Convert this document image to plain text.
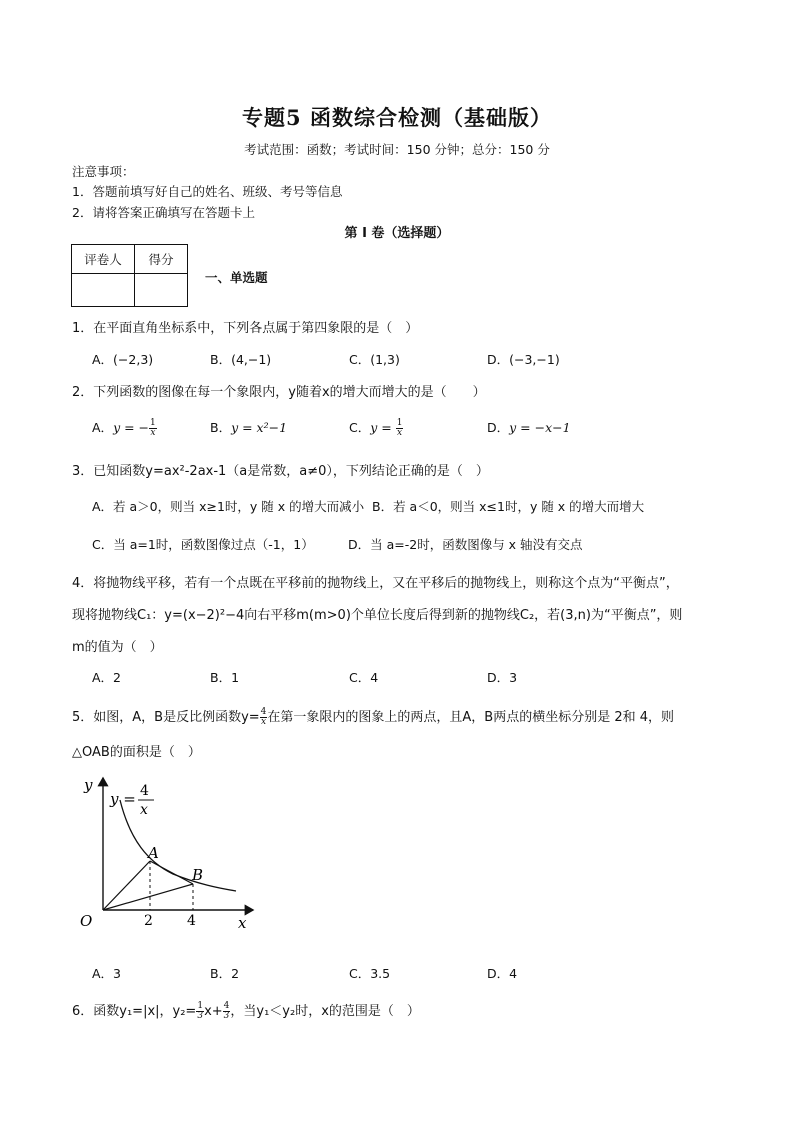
专题5 函数综合检测（基础版）
考试范围：函数；考试时间：150 分钟；总分：150 分
注意事项：
1．答题前填写好自己的姓名、班级、考号等信息
2．请将答案正确填写在答题卡上
第 I 卷（选择题）
评卷人	得分

一、单选题
1．在平面直角坐标系中，下列各点属于第四象限的是（　）
A．(−2,3)	B．(4,−1)	C．(1,3)	D．(−3,−1)
2．下列函数的图像在每一个象限内，y随着x的增大而增大的是（　　）
A．y = − $\frac{1}{x}$	B．y = x²−1	C．$y = \frac{1}{x}$	D．y = −x−1
3．已知函数y=ax²-2ax-1（a是常数，a≠0），下列结论正确的是（　）
A．若 a＞0，则当 x≥1时，y 随 x 的增大而减小 B．若 a＜0，则当 x≤1时，y 随 x 的增大而增大
C．当 a=1时，函数图像过点（-1，1）	D．当 a=-2时，函数图像与 x 轴没有交点
4．将抛物线平移，若有一个点既在平移前的抛物线上，又在平移后的抛物线上，则称这个点为“平衡点”，
现将抛物线C₁：y=(x−2)²−4向右平移m(m>0)个单位长度后得到新的抛物线C₂，若(3,n)为“平衡点”，则
m的值为（　）
A．2	B．1	C．4	D．3
5．如图，A，B是反比例函数$y= \frac{4}{x}$ 在第一象限内的图象上的两点，且A，B两点的横坐标分别是 2和 4，则
△OAB的面积是（　）
y
x
O
y = 4
x
A
B
2 4
A．3	B．2	C．3.5	D．4
6．函数y₁=|x|，$y_2= \frac{1}{3} x+ \frac{4}{3}$ ，当y₁＜y₂时，x的范围是（　）
